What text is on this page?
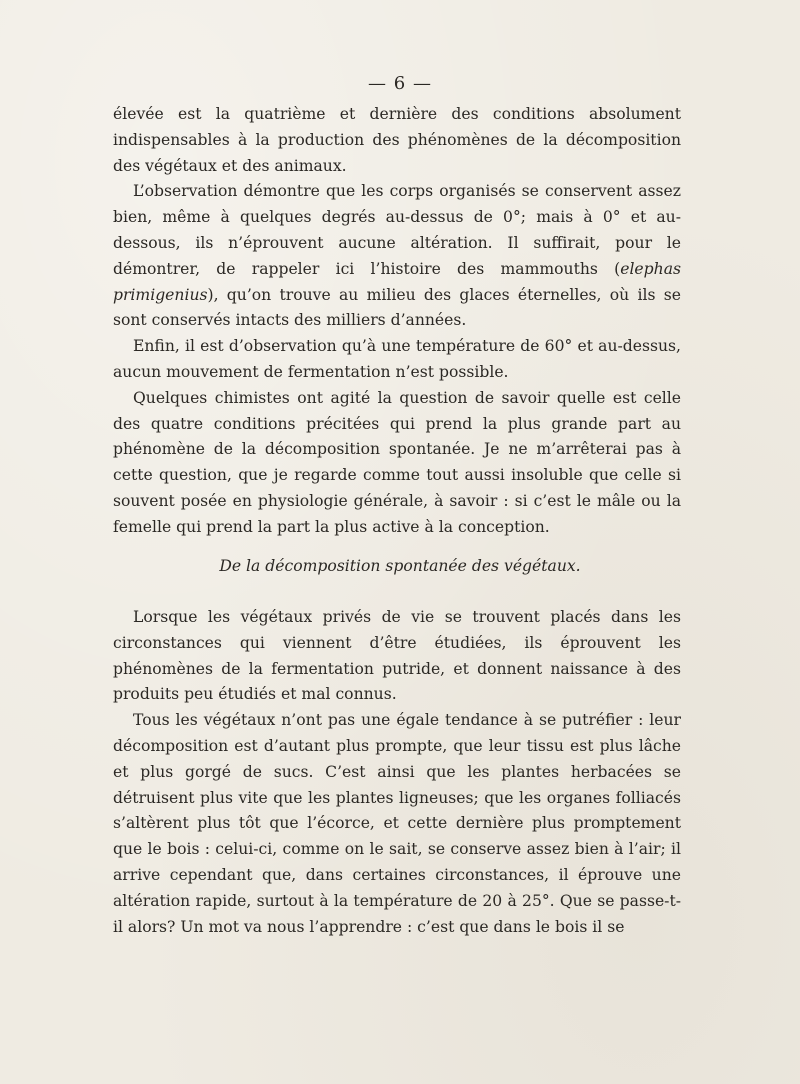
— 6 —

élevée est la quatrième et dernière des conditions absolument indispensables à la production des phénomènes de la décomposition des végétaux et des animaux.

L’observation démontre que les corps organisés se conservent assez bien, même à quelques degrés au-dessus de 0°; mais à 0° et au-dessous, ils n’éprouvent aucune altération. Il suffirait, pour le démontrer, de rappeler ici l’histoire des mammouths (elephas primigenius), qu’on trouve au milieu des glaces éternelles, où ils se sont conservés intacts des milliers d’années.

Enfin, il est d’observation qu’à une température de 60° et au-dessus, aucun mouvement de fermentation n’est possible.

Quelques chimistes ont agité la question de savoir quelle est celle des quatre conditions précitées qui prend la plus grande part au phénomène de la décomposition spontanée. Je ne m’arrêterai pas à cette question, que je regarde comme tout aussi insoluble que celle si souvent posée en physiologie générale, à savoir : si c’est le mâle ou la femelle qui prend la part la plus active à la conception.

De la décomposition spontanée des végétaux.

Lorsque les végétaux privés de vie se trouvent placés dans les circonstances qui viennent d’être étudiées, ils éprouvent les phénomènes de la fermentation putride, et donnent naissance à des produits peu étudiés et mal connus.

Tous les végétaux n’ont pas une égale tendance à se putréfier : leur décomposition est d’autant plus prompte, que leur tissu est plus lâche et plus gorgé de sucs. C’est ainsi que les plantes herbacées se détruisent plus vite que les plantes ligneuses; que les organes folliacés s’altèrent plus tôt que l’écorce, et cette dernière plus promptement que le bois : celui-ci, comme on le sait, se conserve assez bien à l’air; il arrive cependant que, dans certaines circonstances, il éprouve une altération rapide, surtout à la température de 20 à 25°. Que se passe-t-il alors? Un mot va nous l’apprendre : c’est que dans le bois il se
